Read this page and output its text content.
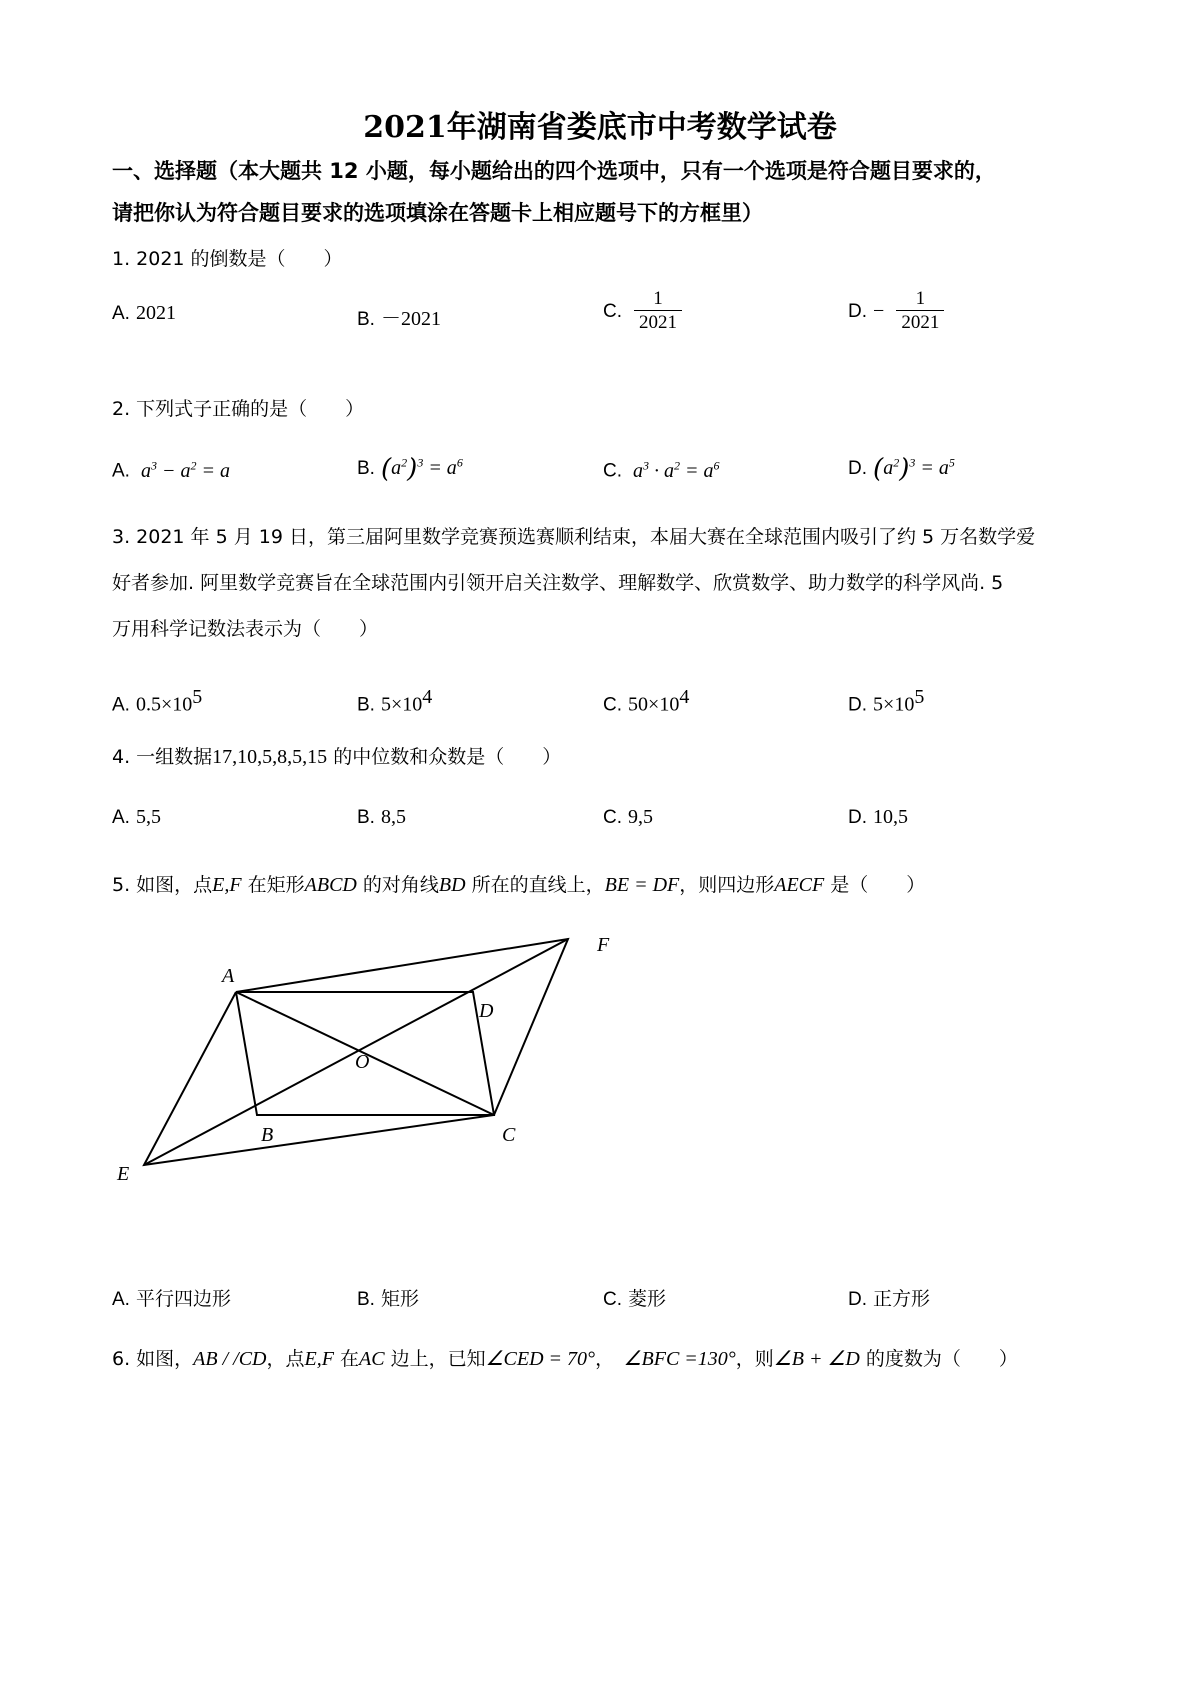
2021年湖南省娄底市中考数学试卷
一、选择题（本大题共 12 小题，每小题给出的四个选项中，只有一个选项是符合题目要求的，
请把你认为符合题目要求的选项填涂在答题卡上相应题号下的方框里）
1. 2021 的倒数是（　　）
A. 2021	B. －2021	C. $\frac{1}{2021}$	D. − $\frac{1}{2021}$
2. 下列式子正确的是（　　）
A.  $a^3 - a^2 = a$	B. $(a^2)^3 = a^6$	C.  $a^3 \cdot a^2 = a^6$	D. $(a^2)^3 = a^5$
3. 2021 年 5 月 19 日，第三届阿里数学竞赛预选赛顺利结束，本届大赛在全球范围内吸引了约 5 万名数学爱
好者参加. 阿里数学竞赛旨在全球范围内引领开启关注数学、理解数学、欣赏数学、助力数学的科学风尚. 5
万用科学记数法表示为（　　）
A. $0.5\times 10^5$	B. $5\times 10^4$	C. $50\times 10^4$	D. $5\times 10^5$
4. 一组数据17,10,5,8,5,15 的中位数和众数是（　　）
A. 5,5	B. 8,5	C. 9,5	D. 10,5
5. 如图，点E,F 在矩形ABCD 的对角线BD 所在的直线上，BE = DF，则四边形AECF 是（　　）
A
F
D
O
B	C
E
A. 平行四边形	B. 矩形	C. 菱形	D. 正方形
6. 如图，AB / /CD，点E,F 在AC 边上，已知∠CED = 70°，　∠BFC =130°，则∠B + ∠D 的度数为（　　）
